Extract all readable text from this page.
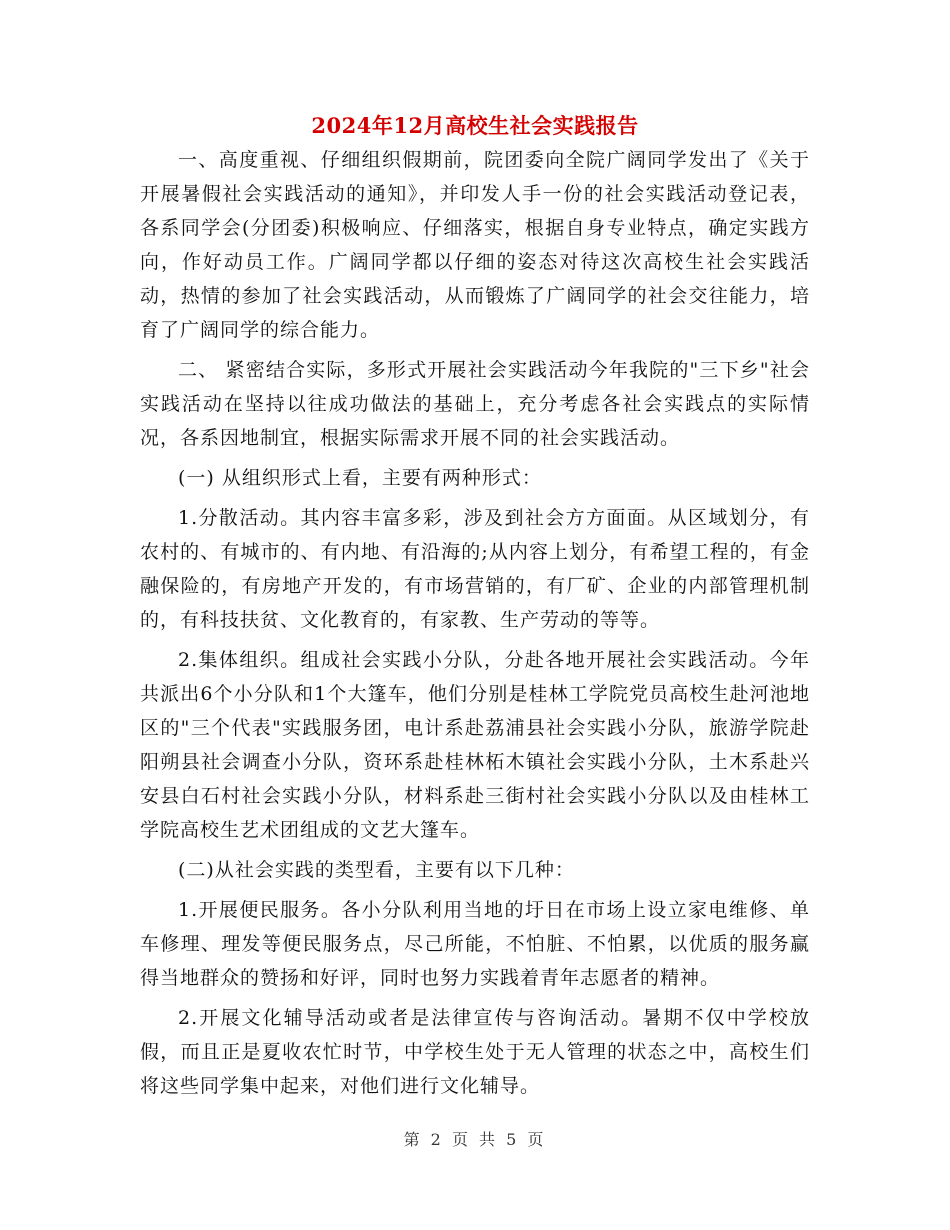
2024年12月高校生社会实践报告

一、高度重视、仔细组织假期前，院团委向全院广阔同学发出了《关于开展暑假社会实践活动的通知》，并印发人手一份的社会实践活动登记表，各系同学会(分团委)积极响应、仔细落实，根据自身专业特点，确定实践方向，作好动员工作。广阔同学都以仔细的姿态对待这次高校生社会实践活动，热情的参加了社会实践活动，从而锻炼了广阔同学的社会交往能力，培育了广阔同学的综合能力。

二、 紧密结合实际，多形式开展社会实践活动今年我院的"三下乡"社会实践活动在坚持以往成功做法的基础上，充分考虑各社会实践点的实际情况，各系因地制宜，根据实际需求开展不同的社会实践活动。

(一) 从组织形式上看，主要有两种形式：

1.分散活动。其内容丰富多彩，涉及到社会方方面面。从区域划分，有农村的、有城市的、有内地、有沿海的;从内容上划分，有希望工程的，有金融保险的，有房地产开发的，有市场营销的，有厂矿、企业的内部管理机制的，有科技扶贫、文化教育的，有家教、生产劳动的等等。

2.集体组织。组成社会实践小分队，分赴各地开展社会实践活动。今年共派出6个小分队和1个大篷车，他们分别是桂林工学院党员高校生赴河池地区的"三个代表"实践服务团，电计系赴荔浦县社会实践小分队，旅游学院赴阳朔县社会调查小分队，资环系赴桂林柘木镇社会实践小分队，土木系赴兴安县白石村社会实践小分队，材料系赴三街村社会实践小分队以及由桂林工学院高校生艺术团组成的文艺大篷车。

(二)从社会实践的类型看，主要有以下几种：

1.开展便民服务。各小分队利用当地的圩日在市场上设立家电维修、单车修理、理发等便民服务点，尽己所能，不怕脏、不怕累，以优质的服务赢得当地群众的赞扬和好评，同时也努力实践着青年志愿者的精神。

2.开展文化辅导活动或者是法律宣传与咨询活动。暑期不仅中学校放假，而且正是夏收农忙时节，中学校生处于无人管理的状态之中，高校生们将这些同学集中起来，对他们进行文化辅导。

第 2 页 共 5 页
